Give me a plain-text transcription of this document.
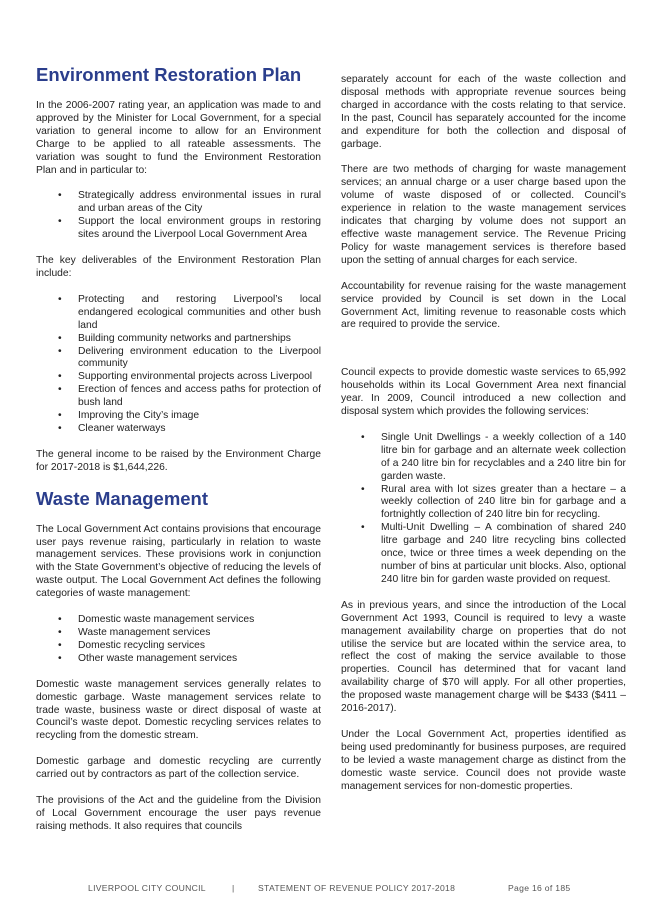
Environment Restoration Plan

In the 2006-2007 rating year, an application was made to and approved by the Minister for Local Government, for a special variation to general income to allow for an Environment Charge to be applied to all rateable assessments. The variation was sought to fund the Environment Restoration Plan and in particular to:

• Strategically address environmental issues in rural and urban areas of the City
• Support the local environment groups in restoring sites around the Liverpool Local Government Area

The key deliverables of the Environment Restoration Plan include:

• Protecting and restoring Liverpool’s local endangered ecological communities and other bush land
• Building community networks and partnerships
• Delivering environment education to the Liverpool community
• Supporting environmental projects across Liverpool
• Erection of fences and access paths for protection of bush land
• Improving the City’s image
• Cleaner waterways

The general income to be raised by the Environment Charge for 2017-2018 is $1,644,226.

Waste Management

The Local Government Act contains provisions that encourage user pays revenue raising, particularly in relation to waste management services. These provisions work in conjunction with the State Government’s objective of reducing the levels of waste output. The Local Government Act defines the following categories of waste management:

• Domestic waste management services
• Waste management services
• Domestic recycling services
• Other waste management services

Domestic waste management services generally relates to domestic garbage. Waste management services relate to trade waste, business waste or direct disposal of waste at Council’s waste depot. Domestic recycling services relates to recycling from the domestic stream.

Domestic garbage and domestic recycling are currently carried out by contractors as part of the collection service.

The provisions of the Act and the guideline from the Division of Local Government encourage the user pays revenue raising methods. It also requires that councils

separately account for each of the waste collection and disposal methods with appropriate revenue sources being charged in accordance with the costs relating to that service. In the past, Council has separately accounted for the income and expenditure for both the collection and disposal of garbage.

There are two methods of charging for waste management services; an annual charge or a user charge based upon the volume of waste disposed of or collected. Council’s experience in relation to the waste management services indicates that charging by volume does not support an effective waste management service. The Revenue Pricing Policy for waste management services is therefore based upon the setting of annual charges for each service.

Accountability for revenue raising for the waste management service provided by Council is set down in the Local Government Act, limiting revenue to reasonable costs which are required to provide the service.

Council expects to provide domestic waste services to 65,992 households within its Local Government Area next financial year. In 2009, Council introduced a new collection and disposal system which provides the following services:

• Single Unit Dwellings - a weekly collection of a 140 litre bin for garbage and an alternate week collection of a 240 litre bin for recyclables and a 240 litre bin for garden waste.
• Rural area with lot sizes greater than a hectare – a weekly collection of 240 litre bin for garbage and a fortnightly collection of 240 litre bin for recycling.
• Multi-Unit Dwelling – A combination of shared 240 litre garbage and 240 litre recycling bins collected once, twice or three times a week depending on the number of bins at particular unit blocks. Also, optional 240 litre bin for garden waste provided on request.

As in previous years, and since the introduction of the Local Government Act 1993, Council is required to levy a waste management availability charge on properties that do not utilise the service but are located within the service area, to reflect the cost of making the service available to those properties. Council has determined that for vacant land availability charge of $70 will apply. For all other properties, the proposed waste management charge will be $433 ($411 – 2016-2017).

Under the Local Government Act, properties identified as being used predominantly for business purposes, are required to be levied a waste management charge as distinct from the domestic waste service. Council does not provide waste management services for non-domestic properties.

LIVERPOOL CITY COUNCIL	|	STATEMENT OF REVENUE POLICY 2017-2018	Page 16 of 185
